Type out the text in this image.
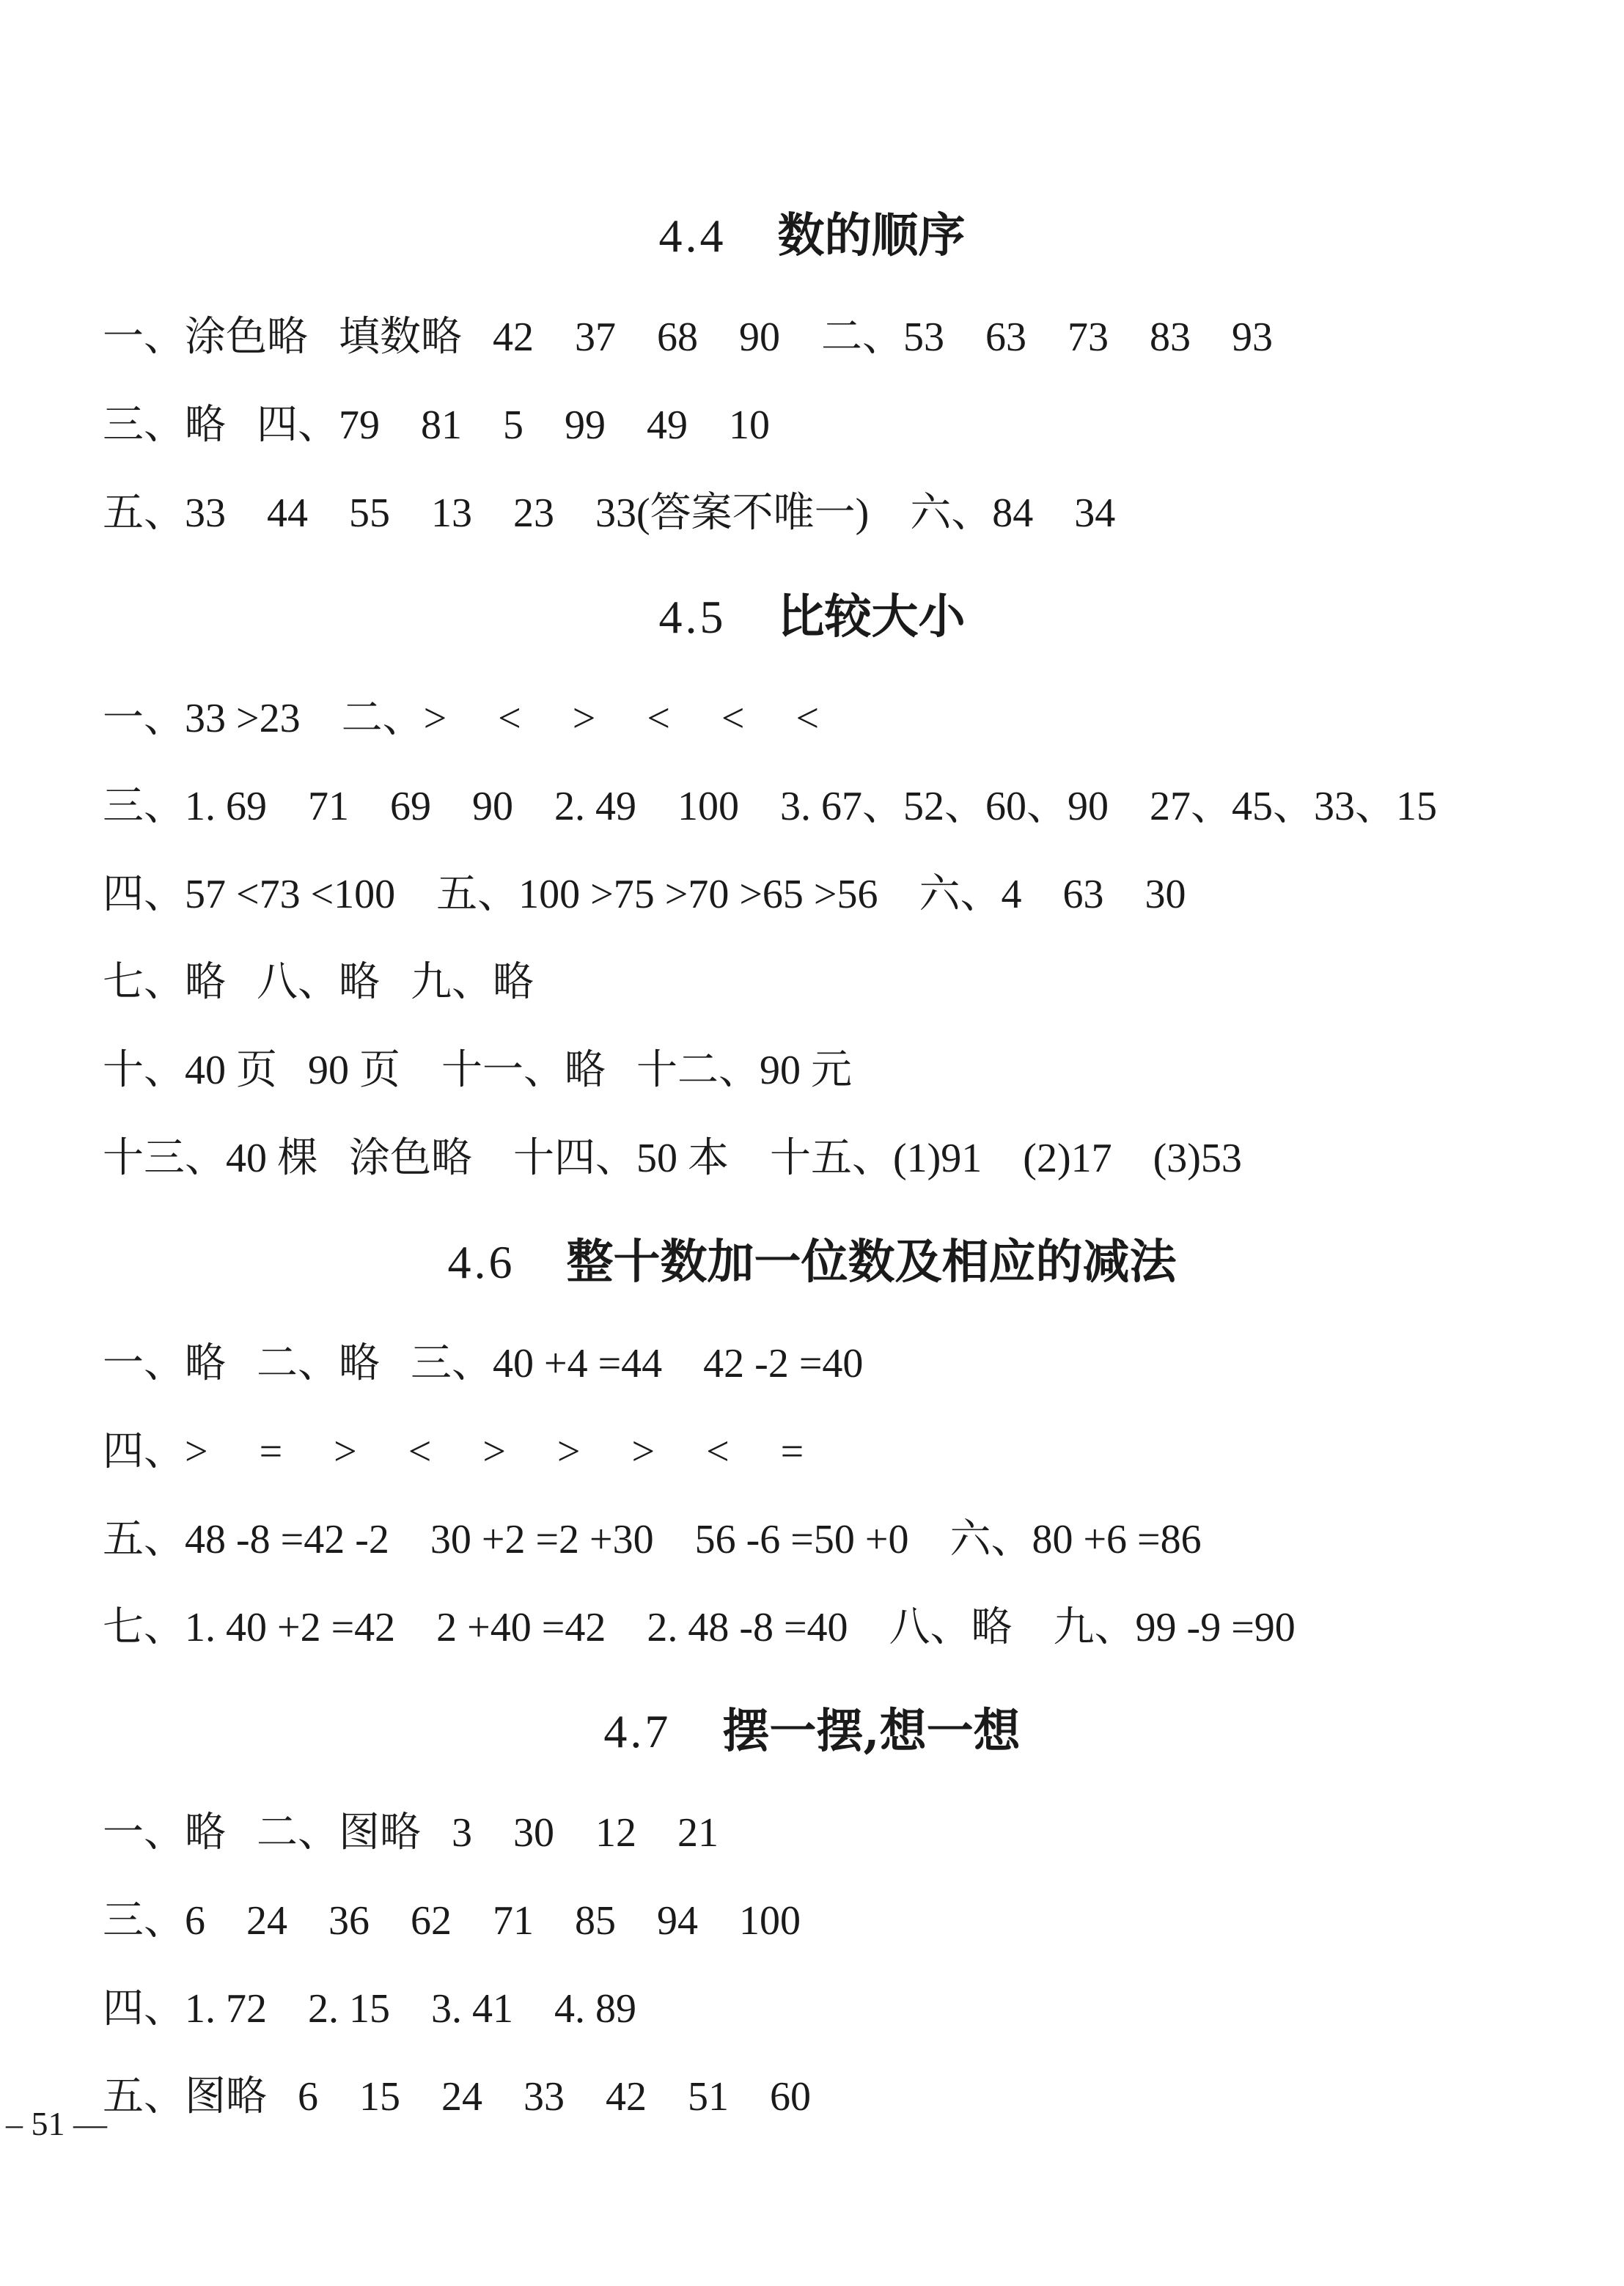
4.4 数的顺序
一、涂色略   填数略   42    37    68    90    二、53    63    73    83    93
三、略   四、79    81    5    99    49    10
五、33    44    55    13    23    33(答案不唯一)    六、84    34
4.5 比较大小
一、33 >23    二、>     <     >     <     <     <
三、1. 69    71    69    90    2. 49    100    3. 67、52、60、90    27、45、33、15
四、57 <73 <100    五、100 >75 >70 >65 >56    六、4    63    30
七、略   八、略   九、略
十、40 页   90 页    十一、略   十二、90 元
十三、40 棵   涂色略    十四、50 本    十五、(1)91    (2)17    (3)53
4.6 整十数加一位数及相应的减法
一、略   二、略   三、40 +4 =44    42 -2 =40
四、>     =     >     <     >     >     >     <     =
五、48 -8 =42 -2    30 +2 =2 +30    56 -6 =50 +0    六、80 +6 =86
七、1. 40 +2 =42    2 +40 =42    2. 48 -8 =40    八、略    九、99 -9 =90
4.7 摆一摆,想一想
一、略   二、图略   3    30    12    21
三、6    24    36    62    71    85    94    100
四、1. 72    2. 15    3. 41    4. 89
五、图略   6    15    24    33    42    51    60
– 51 —
